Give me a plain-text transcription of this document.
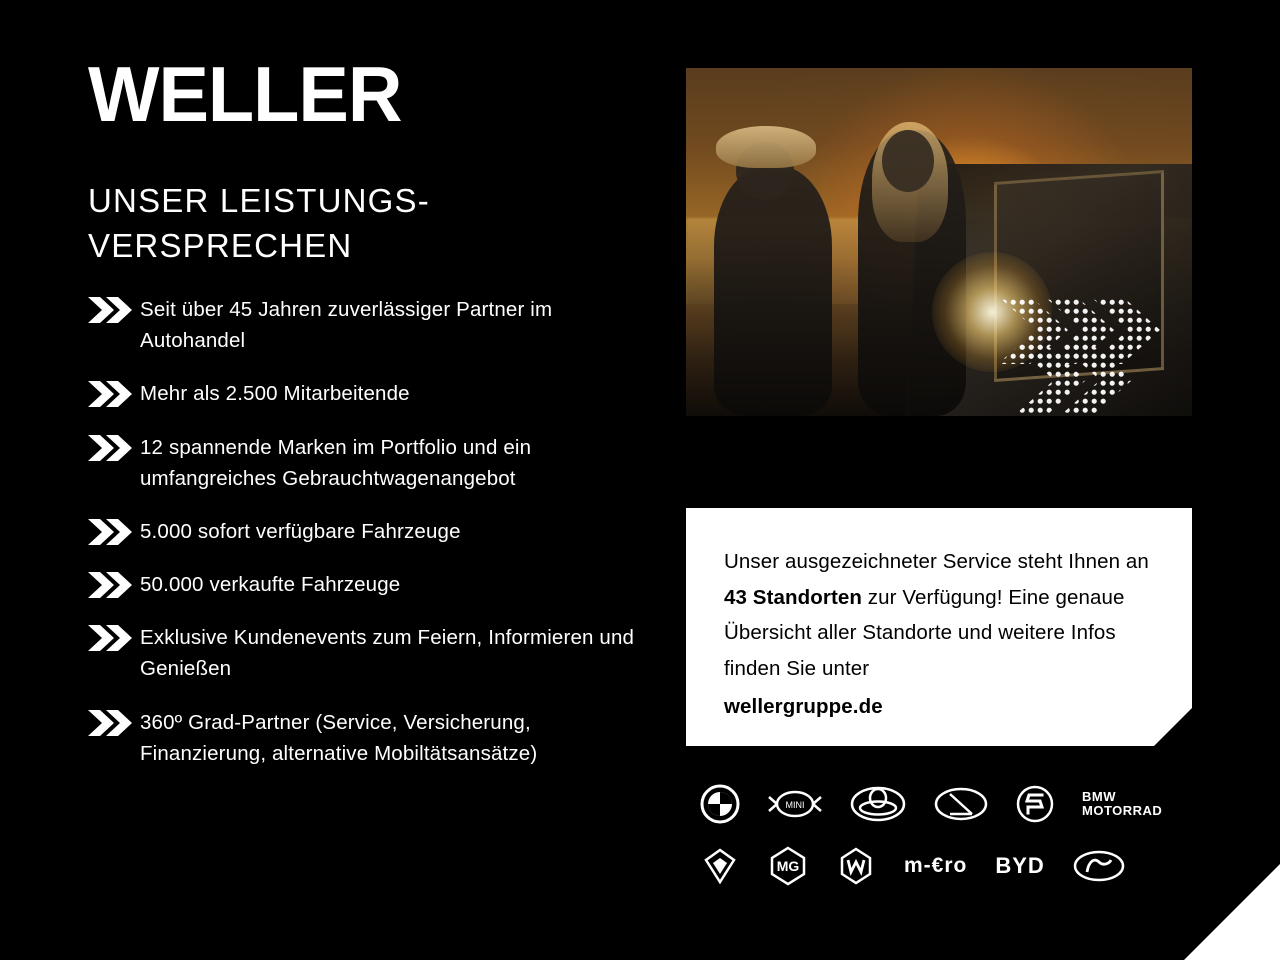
WELLER
UNSER LEISTUNGS-
VERSPRECHEN
Seit über 45 Jahren zuverlässiger Partner im Autohandel
Mehr als 2.500 Mitarbeitende
12 spannende Marken im Portfolio und ein umfangreiches Gebrauchtwagenangebot
5.000 sofort verfügbare Fahrzeuge
50.000 verkaufte Fahrzeuge
Exklusive Kundenevents zum Feiern, Informieren und Genießen
360º Grad-Partner (Service, Versicherung, Finanzierung, alternative Mobiltätsansätze)
Unser ausgezeichneter Service steht Ihnen an 43 Standorten zur Verfügung! Eine genaue Übersicht aller Standorte und weitere Infos finden Sie unter
wellergruppe.de
MINI
BMW
MOTORRAD
MG	m-€ro BYD
